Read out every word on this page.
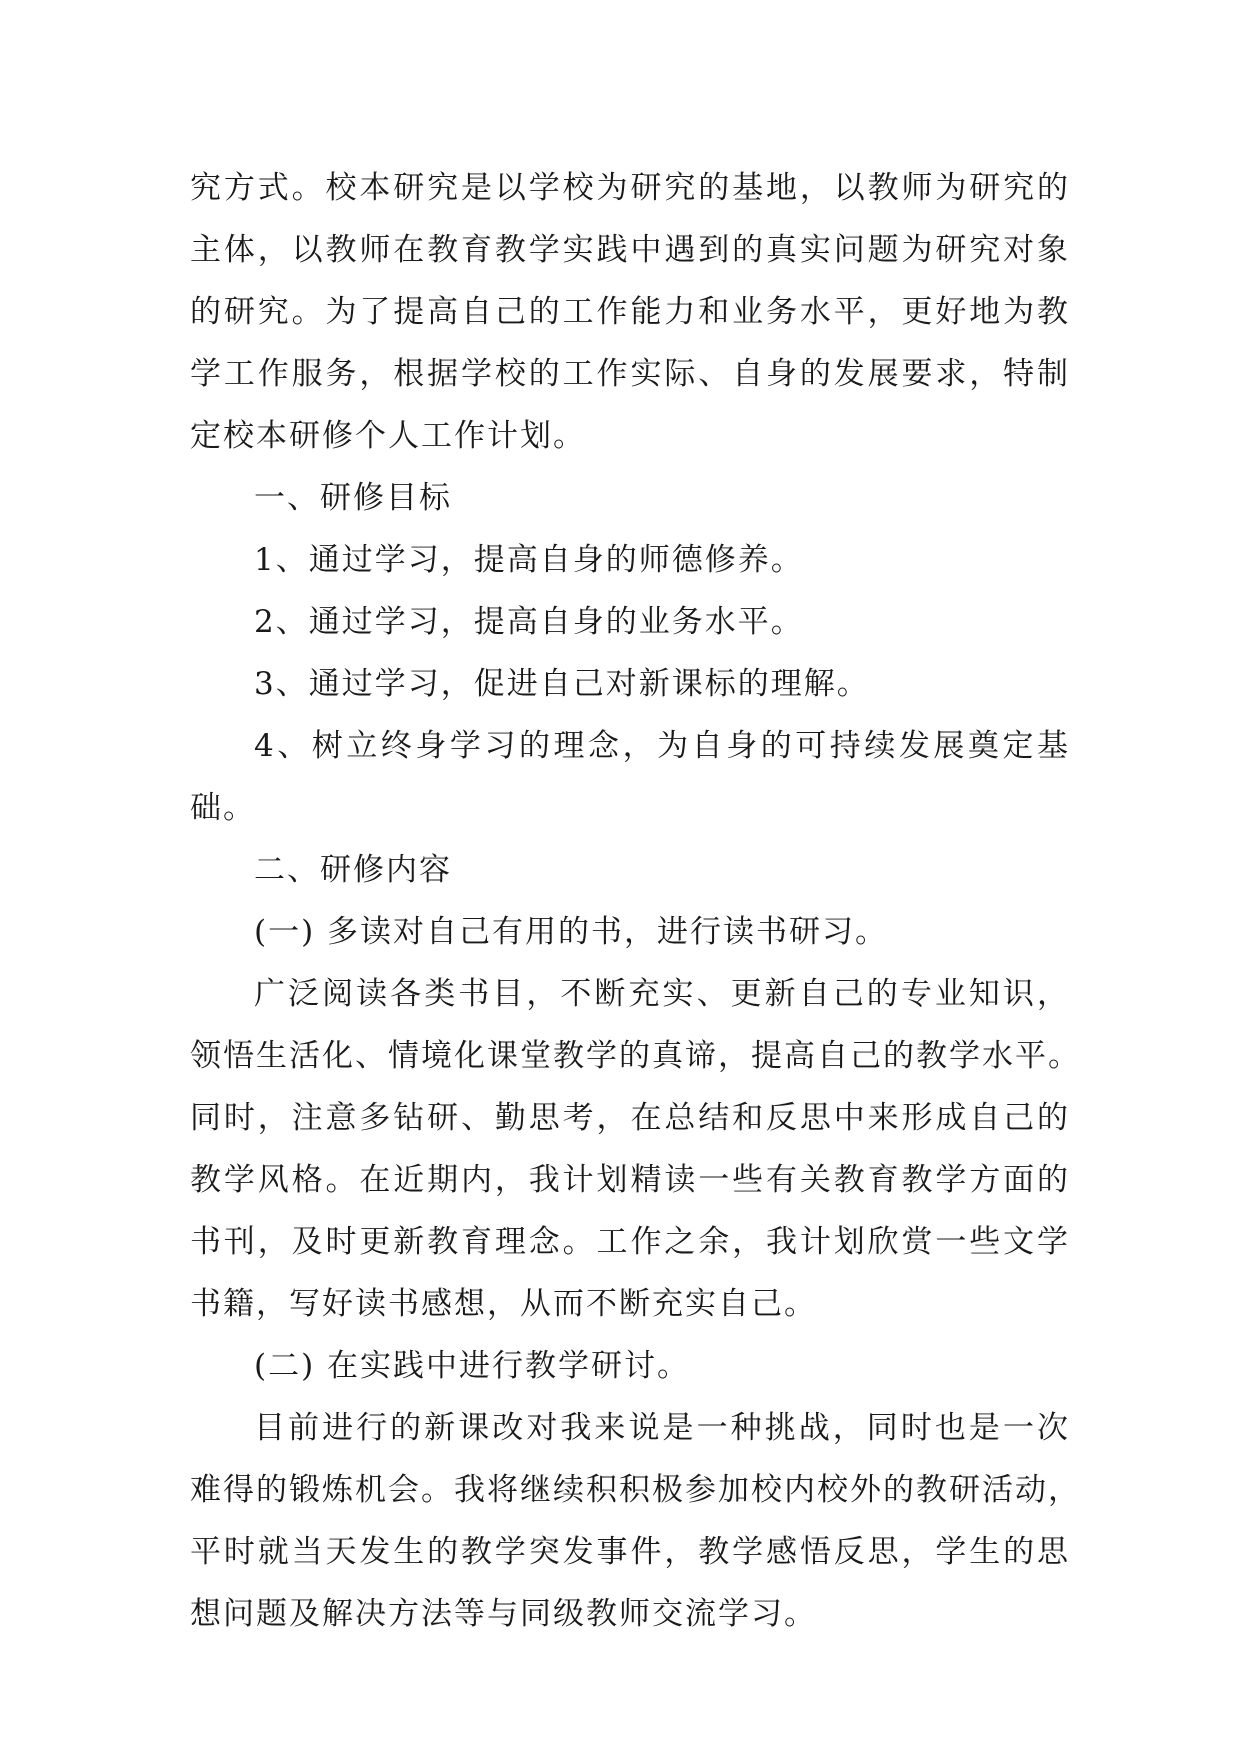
究方式。校本研究是以学校为研究的基地，以教师为研究的
主体，以教师在教育教学实践中遇到的真实问题为研究对象
的研究。为了提高自己的工作能力和业务水平，更好地为教
学工作服务，根据学校的工作实际、自身的发展要求，特制
定校本研修个人工作计划。
一、研修目标
1、通过学习，提高自身的师德修养。
2、通过学习，提高自身的业务水平。
3、通过学习，促进自己对新课标的理解。
4、树立终身学习的理念，为自身的可持续发展奠定基
础。
二、研修内容
(一) 多读对自己有用的书，进行读书研习。
广泛阅读各类书目，不断充实、更新自己的专业知识，
领悟生活化、情境化课堂教学的真谛，提高自己的教学水平。
同时，注意多钻研、勤思考，在总结和反思中来形成自己的
教学风格。在近期内，我计划精读一些有关教育教学方面的
书刊，及时更新教育理念。工作之余，我计划欣赏一些文学
书籍，写好读书感想，从而不断充实自己。
(二) 在实践中进行教学研讨。
目前进行的新课改对我来说是一种挑战，同时也是一次
难得的锻炼机会。我将继续积积极参加校内校外的教研活动，
平时就当天发生的教学突发事件，教学感悟反思，学生的思
想问题及解决方法等与同级教师交流学习。
